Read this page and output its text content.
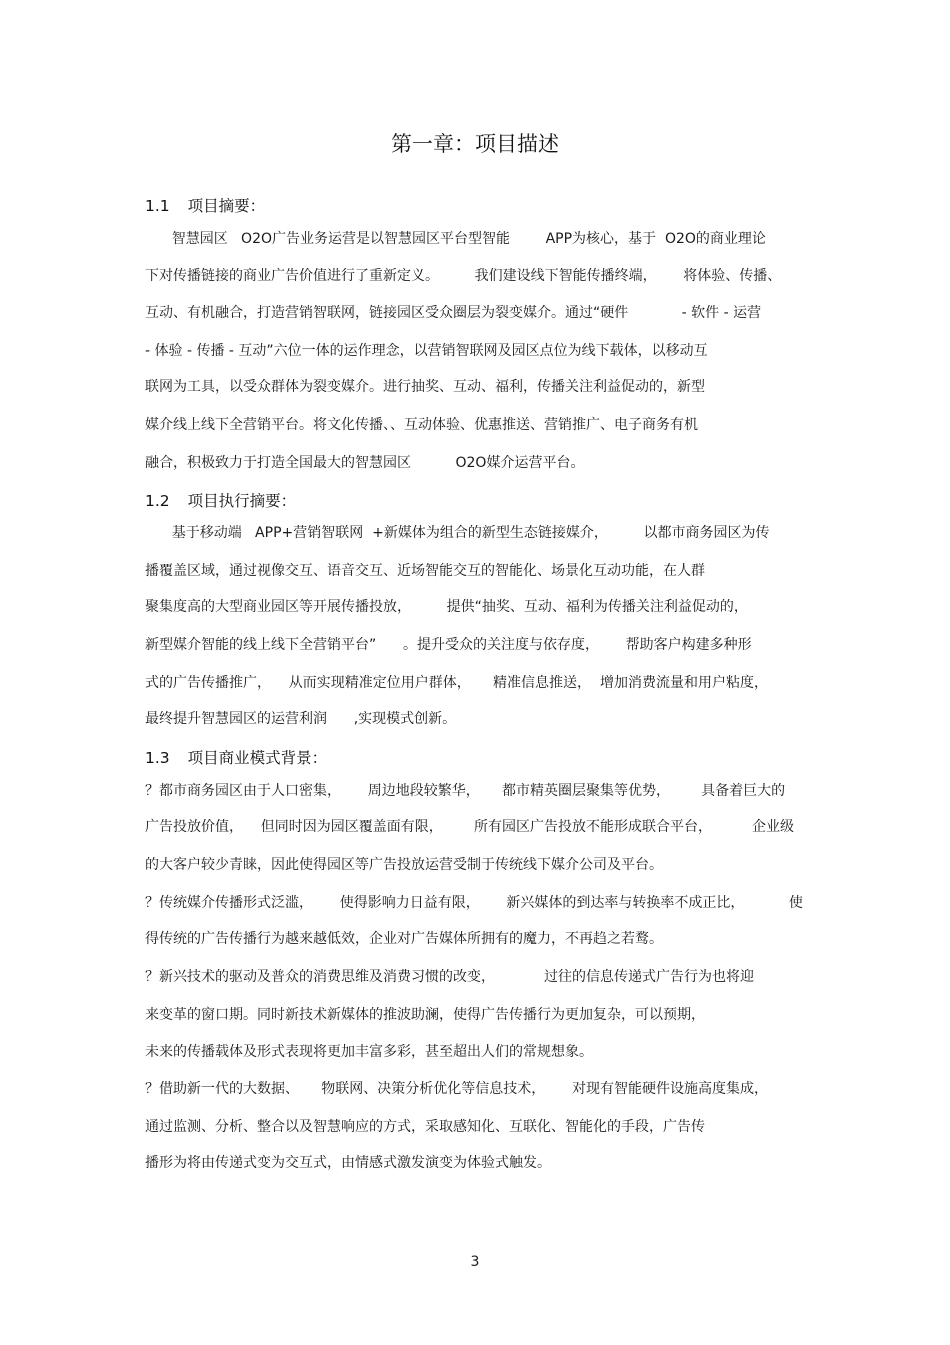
第一章：项目描述
1.1 项目摘要：
智慧园区   O2O广告业务运营是以智慧园区平台型智能        APP为核心，基于  O2O的商业理论
下对传播链接的商业广告价值进行了重新定义。        我们建设线下智能传播终端，      将体验、传播、
互动、有机融合，打造营销智联网，链接园区受众圈层为裂变媒介。通过“硬件            - 软件 - 运营
- 体验 - 传播 - 互动”六位一体的运作理念，以营销智联网及园区点位为线下载体，以移动互
联网为工具，以受众群体为裂变媒介。进行抽奖、互动、福利，传播关注利益促动的，新型
媒介线上线下全营销平台。将文化传播、、互动体验、优惠推送、营销推广、电子商务有机
融合，积极致力于打造全国最大的智慧园区          O2O媒介运营平台。
1.2 项目执行摘要：
基于移动端   APP+营销智联网  +新媒体为组合的新型生态链接媒介，        以都市商务园区为传
播覆盖区域，通过视像交互、语音交互、近场智能交互的智能化、场景化互动功能，在人群
聚集度高的大型商业园区等开展传播投放，        提供“抽奖、互动、福利为传播关注利益促动的，
新型媒介智能的线上线下全营销平台”      。提升受众的关注度与依存度，      帮助客户构建多种形
式的广告传播推广，    从而实现精准定位用户群体，     精准信息推送，  增加消费流量和用户粘度，
最终提升智慧园区的运营利润      ,实现模式创新。
1.3 项目商业模式背景：
？都市商务园区由于人口密集，      周边地段较繁华，     都市精英圈层聚集等优势，       具备着巨大的
广告投放价值，    但同时因为园区覆盖面有限，       所有园区广告投放不能形成联合平台，         企业级
的大客户较少青睐，因此使得园区等广告投放运营受制于传统线下媒介公司及平台。
？传统媒介传播形式泛滥，      使得影响力日益有限，      新兴媒体的到达率与转换率不成正比，          使
得传统的广告传播行为越来越低效，企业对广告媒体所拥有的魔力，不再趋之若鹜。
？新兴技术的驱动及普众的消费思维及消费习惯的改变，           过往的信息传递式广告行为也将迎
来变革的窗口期。同时新技术新媒体的推波助澜，使得广告传播行为更加复杂，可以预期，
未来的传播载体及形式表现将更加丰富多彩，甚至超出人们的常规想象。
？借助新一代的大数据、     物联网、决策分析优化等信息技术，      对现有智能硬件设施高度集成，
通过监测、分析、整合以及智慧响应的方式，采取感知化、互联化、智能化的手段，广告传
播形为将由传递式变为交互式，由情感式激发演变为体验式触发。
3
